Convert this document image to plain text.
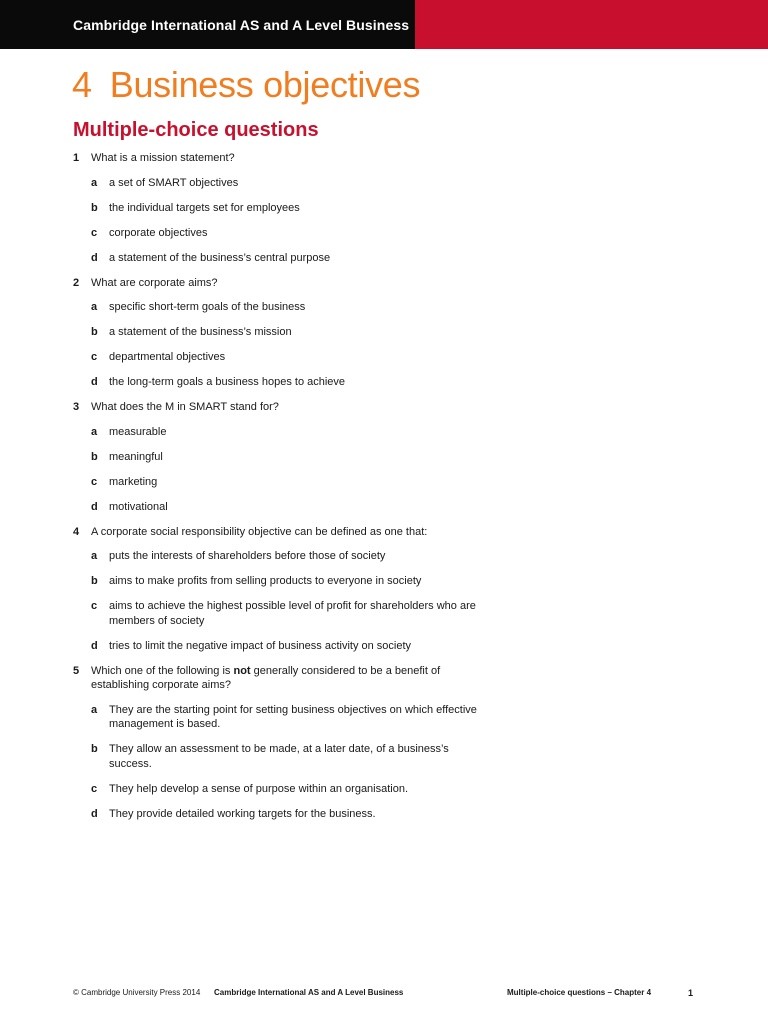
Cambridge International AS and A Level Business
4 Business objectives
Multiple-choice questions
1	What is a mission statement?
a	a set of SMART objectives
b	the individual targets set for employees
c	corporate objectives
d	a statement of the business’s central purpose
2	What are corporate aims?
a	specific short-term goals of the business
b	a statement of the business’s mission
c	departmental objectives
d	the long-term goals a business hopes to achieve
3	What does the M in SMART stand for?
a	measurable
b	meaningful
c	marketing
d	motivational
4	A corporate social responsibility objective can be defined as one that:
a	puts the interests of shareholders before those of society
b	aims to make profits from selling products to everyone in society
c	aims to achieve the highest possible level of profit for shareholders who are members of society
d	tries to limit the negative impact of business activity on society
5	Which one of the following is not generally considered to be a benefit of establishing corporate aims?
a	They are the starting point for setting business objectives on which effective management is based.
b	They allow an assessment to be made, at a later date, of a business’s success.
c	They help develop a sense of purpose within an organisation.
d	They provide detailed working targets for the business.
© Cambridge University Press 2014 Cambridge International AS and A Level Business	Multiple-choice questions – Chapter 4	1
